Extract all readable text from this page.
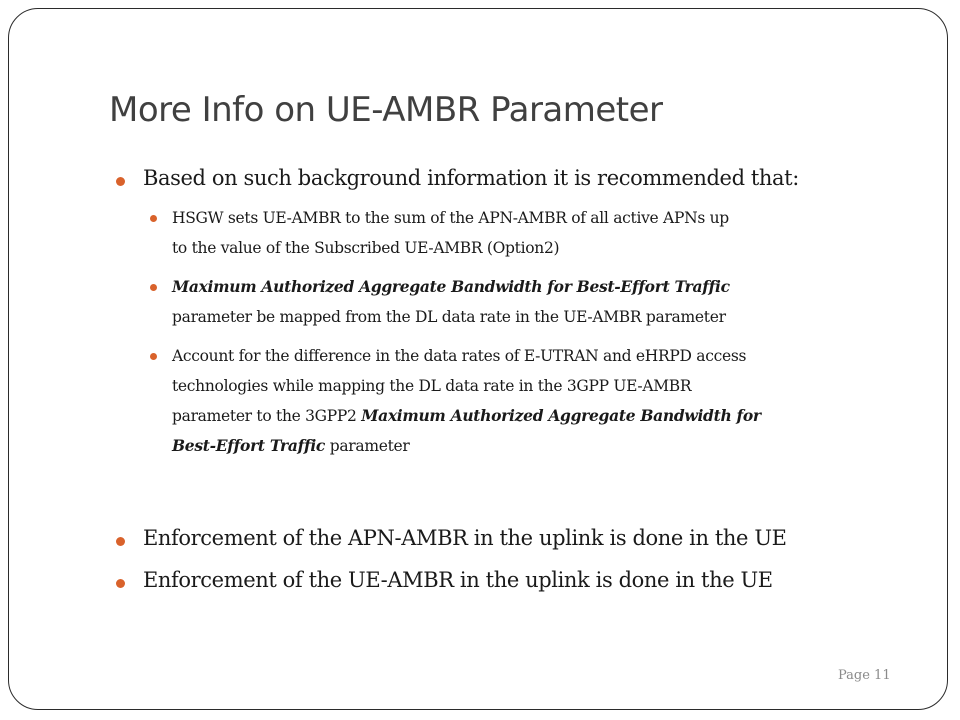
More Info on UE-AMBR Parameter
Based on such background information it is recommended that:
HSGW sets UE-AMBR to the sum of the APN-AMBR of all active APNs up
to the value of the Subscribed UE-AMBR (Option2)
Maximum Authorized Aggregate Bandwidth for Best-Effort Traffic
parameter be mapped from the DL data rate in the UE-AMBR parameter
Account for the difference in the data rates of E-UTRAN and eHRPD access
technologies while mapping the DL data rate in the 3GPP UE-AMBR
parameter to the 3GPP2 Maximum Authorized Aggregate Bandwidth for
Best-Effort Traffic parameter
Enforcement of the APN-AMBR in the uplink is done in the UE
Enforcement of the UE-AMBR in the uplink is done in the UE
Page 11
